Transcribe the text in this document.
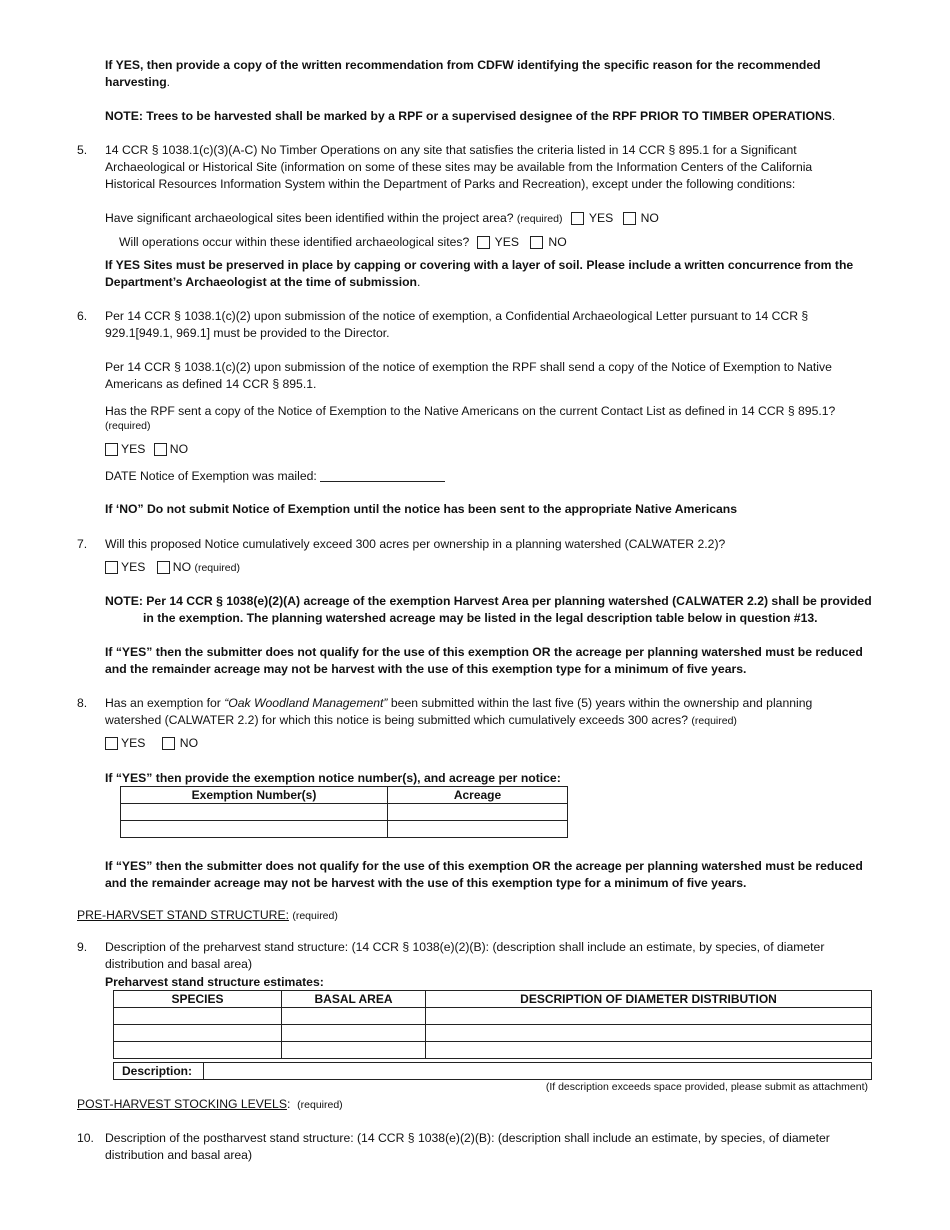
If YES, then provide a copy of the written recommendation from CDFW identifying the specific reason for the recommended
harvesting.
NOTE: Trees to be harvested shall be marked by a RPF or a supervised designee of the RPF PRIOR TO TIMBER OPERATIONS.
5. 14 CCR § 1038.1(c)(3)(A-C) No Timber Operations on any site that satisfies the criteria listed in 14 CCR § 895.1 for a Significant
Archaeological or Historical Site (information on some of these sites may be available from the Information Centers of the California
Historical Resources Information System within the Department of Parks and Recreation), except under the following conditions:
Have significant archaeological sites been identified within the project area? (required) YES NO
Will operations occur within these identified archaeological sites? YES NO
If YES Sites must be preserved in place by capping or covering with a layer of soil. Please include a written concurrence from the
Department’s Archaeologist at the time of submission.
6. Per 14 CCR § 1038.1(c)(2) upon submission of the notice of exemption, a Confidential Archaeological Letter pursuant to 14 CCR §
929.1[949.1, 969.1] must be provided to the Director.
Per 14 CCR § 1038.1(c)(2) upon submission of the notice of exemption the RPF shall send a copy of the Notice of Exemption to Native
Americans as defined 14 CCR § 895.1.
Has the RPF sent a copy of the Notice of Exemption to the Native Americans on the current Contact List as defined in 14 CCR § 895.1?
(required)
YES NO
DATE Notice of Exemption was mailed:
If ‘NO” Do not submit Notice of Exemption until the notice has been sent to the appropriate Native Americans
7. Will this proposed Notice cumulatively exceed 300 acres per ownership in a planning watershed (CALWATER 2.2)?
YES NO (required)
NOTE: Per 14 CCR § 1038(e)(2)(A) acreage of the exemption Harvest Area per planning watershed (CALWATER 2.2) shall be provided
in the exemption. The planning watershed acreage may be listed in the legal description table below in question #13.
If “YES” then the submitter does not qualify for the use of this exemption OR the acreage per planning watershed must be reduced
and the remainder acreage may not be harvest with the use of this exemption type for a minimum of five years.
8. Has an exemption for “Oak Woodland Management” been submitted within the last five (5) years within the ownership and planning
watershed (CALWATER 2.2) for which this notice is being submitted which cumulatively exceeds 300 acres? (required)
YES	NO
If “YES” then provide the exemption notice number(s), and acreage per notice:
Exemption Number(s)	Acreage

If “YES” then the submitter does not qualify for the use of this exemption OR the acreage per planning watershed must be reduced
and the remainder acreage may not be harvest with the use of this exemption type for a minimum of five years.
PRE-HARVSET STAND STRUCTURE: (required)
9. Description of the preharvest stand structure: (14 CCR § 1038(e)(2)(B): (description shall include an estimate, by species, of diameter
distribution and basal area)
Preharvest stand structure estimates:
SPECIES	BASAL AREA	DESCRIPTION OF DIAMETER DISTRIBUTION

Description:	
(If description exceeds space provided, please submit as attachment)
POST-HARVEST STOCKING LEVELS: (required)
10. Description of the postharvest stand structure: (14 CCR § 1038(e)(2)(B): (description shall include an estimate, by species, of diameter
distribution and basal area)
